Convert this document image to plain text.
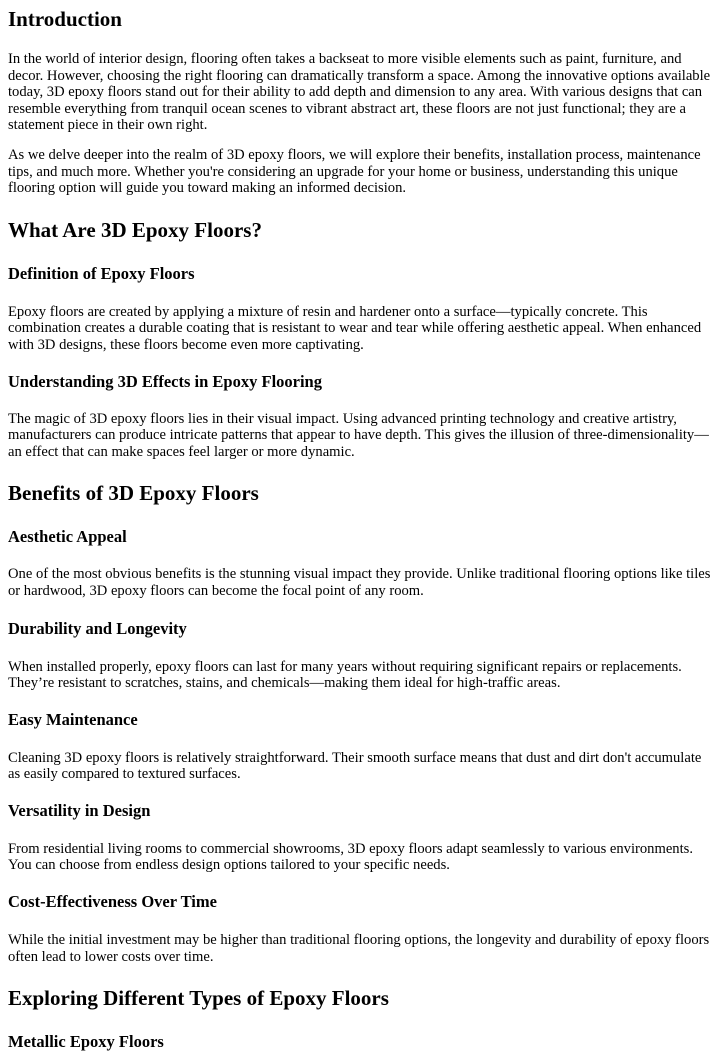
Introduction

In the world of interior design, flooring often takes a backseat to more visible elements such as paint, furniture, and decor. However, choosing the right flooring can dramatically transform a space. Among the innovative options available today, 3D epoxy floors stand out for their ability to add depth and dimension to any area. With various designs that can resemble everything from tranquil ocean scenes to vibrant abstract art, these floors are not just functional; they are a statement piece in their own right.

As we delve deeper into the realm of 3D epoxy floors, we will explore their benefits, installation process, maintenance tips, and much more. Whether you're considering an upgrade for your home or business, understanding this unique flooring option will guide you toward making an informed decision.

What Are 3D Epoxy Floors?
Definition of Epoxy Floors

Epoxy floors are created by applying a mixture of resin and hardener onto a surface—typically concrete. This combination creates a durable coating that is resistant to wear and tear while offering aesthetic appeal. When enhanced with 3D designs, these floors become even more captivating.

Understanding 3D Effects in Epoxy Flooring

The magic of 3D epoxy floors lies in their visual impact. Using advanced printing technology and creative artistry, manufacturers can produce intricate patterns that appear to have depth. This gives the illusion of three-dimensionality—an effect that can make spaces feel larger or more dynamic.

Benefits of 3D Epoxy Floors
Aesthetic Appeal

One of the most obvious benefits is the stunning visual impact they provide. Unlike traditional flooring options like tiles or hardwood, 3D epoxy floors can become the focal point of any room.

Durability and Longevity

When installed properly, epoxy floors can last for many years without requiring significant repairs or replacements. They’re resistant to scratches, stains, and chemicals—making them ideal for high-traffic areas.

Easy Maintenance

Cleaning 3D epoxy floors is relatively straightforward. Their smooth surface means that dust and dirt don't accumulate as easily compared to textured surfaces.

Versatility in Design

From residential living rooms to commercial showrooms, 3D epoxy floors adapt seamlessly to various environments. You can choose from endless design options tailored to your specific needs.

Cost-Effectiveness Over Time

While the initial investment may be higher than traditional flooring options, the longevity and durability of epoxy floors often lead to lower costs over time.

Exploring Different Types of Epoxy Floors
Metallic Epoxy Floors
